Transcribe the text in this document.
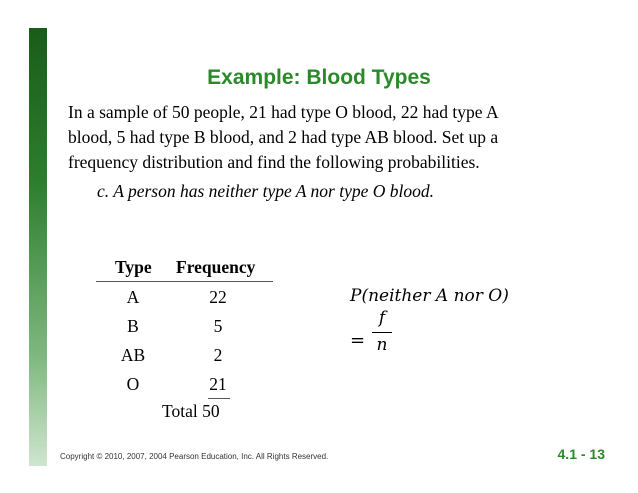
Example: Blood Types
In a sample of 50 people, 21 had type O blood, 22 had type A
blood, 5 had type B blood, and 2 had type AB blood. Set up a
frequency distribution and find the following probabilities.
c. A person has neither type A nor type O blood.
Type Frequency
A	22
B	5
AB	2
O	21
Total 50
P(neither A nor O)
=
f
n
Copyright © 2010, 2007, 2004 Pearson Education, Inc. All Rights Reserved.	4.1 - 13
